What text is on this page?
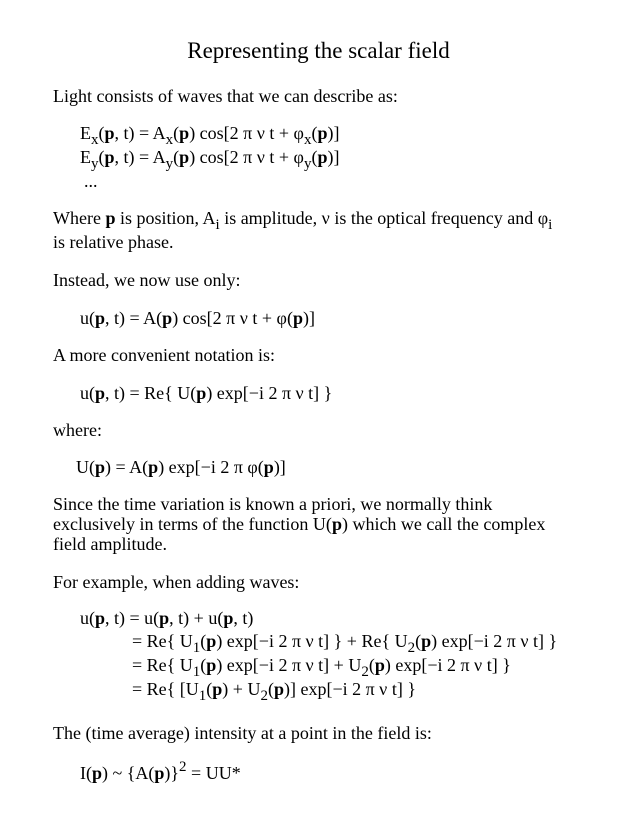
Representing the scalar field
Light consists of waves that we can describe as:
$E_x(p$, $t) = A_x(p)$ cos[2 π ν $t + \varphi_x(p)$]
$E_y(p$, $t) = A_y(p)$ cos[2 π ν $t + \varphi_y(p)$]
...
Where p is position, $A_i$ is amplitude, ν is the optical frequency and $\varphi_i$
is relative phase.
Instead, we now use only:
u(p, t) = A(p) cos[2 π ν t + φ(p)]
A more convenient notation is:
u(p, t) = Re{ U(p) exp[−i 2 π ν t] }
where:
U(p) = A(p) exp[−i 2 π φ(p)]
Since the time variation is known a priori, we normally think
exclusively in terms of the function U(p) which we call the complex
field amplitude.
For example, when adding waves:
u(p, t) = u(p, t) + u(p, t)
= Re{ $U_1(p)$ exp[−i 2 π ν t] } + Re{ $U_2(p)$ exp[−i 2 π ν t] }
= Re{ $U_1(p)$ exp[−i 2 π ν $t] + U_2(p)$ exp[−i 2 π ν t] }
= Re{ $[U_1(p) + U_2(p)]$ exp[−i 2 π ν t] }
The (time average) intensity at a point in the field is:
I(p) ~ $\{A(p)\}^2 = UU*$
